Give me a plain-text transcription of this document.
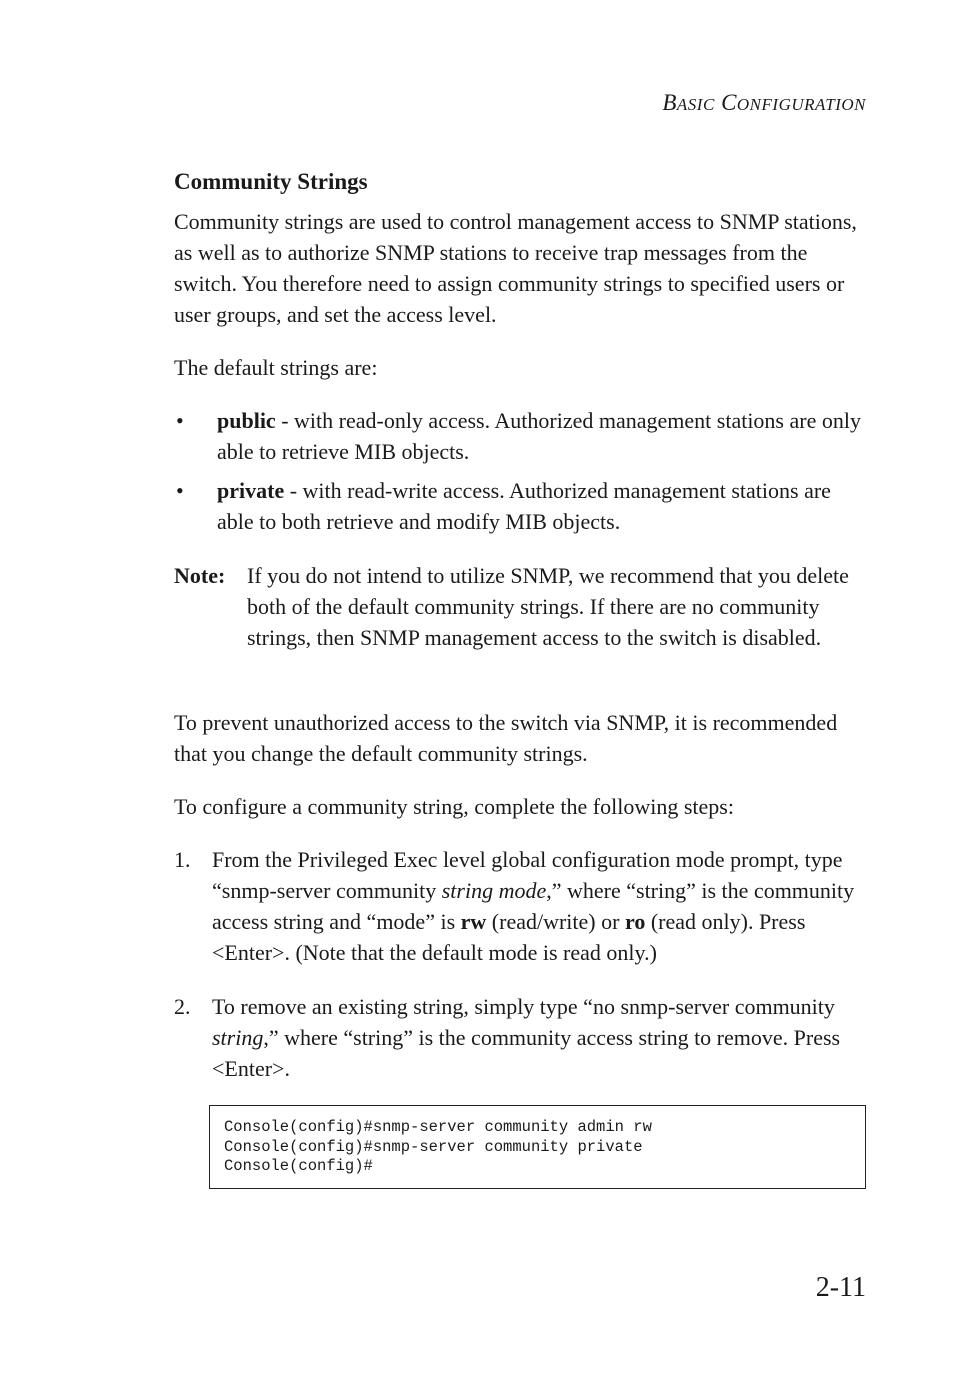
BASIC CONFIGURATION
Community Strings
Community strings are used to control management access to SNMP stations, as well as to authorize SNMP stations to receive trap messages from the switch. You therefore need to assign community strings to specified users or user groups, and set the access level.
The default strings are:
• public - with read-only access. Authorized management stations are only able to retrieve MIB objects.
• private - with read-write access. Authorized management stations are able to both retrieve and modify MIB objects.
Note: If you do not intend to utilize SNMP, we recommend that you delete both of the default community strings. If there are no community strings, then SNMP management access to the switch is disabled.
To prevent unauthorized access to the switch via SNMP, it is recommended that you change the default community strings.
To configure a community string, complete the following steps:
1. From the Privileged Exec level global configuration mode prompt, type “snmp-server community string mode,” where “string” is the community access string and “mode” is rw (read/write) or ro (read only). Press <Enter>. (Note that the default mode is read only.)
2. To remove an existing string, simply type “no snmp-server community string,” where “string” is the community access string to remove. Press <Enter>.
Console(config)#snmp-server community admin rw
Console(config)#snmp-server community private
Console(config)#
2-11
